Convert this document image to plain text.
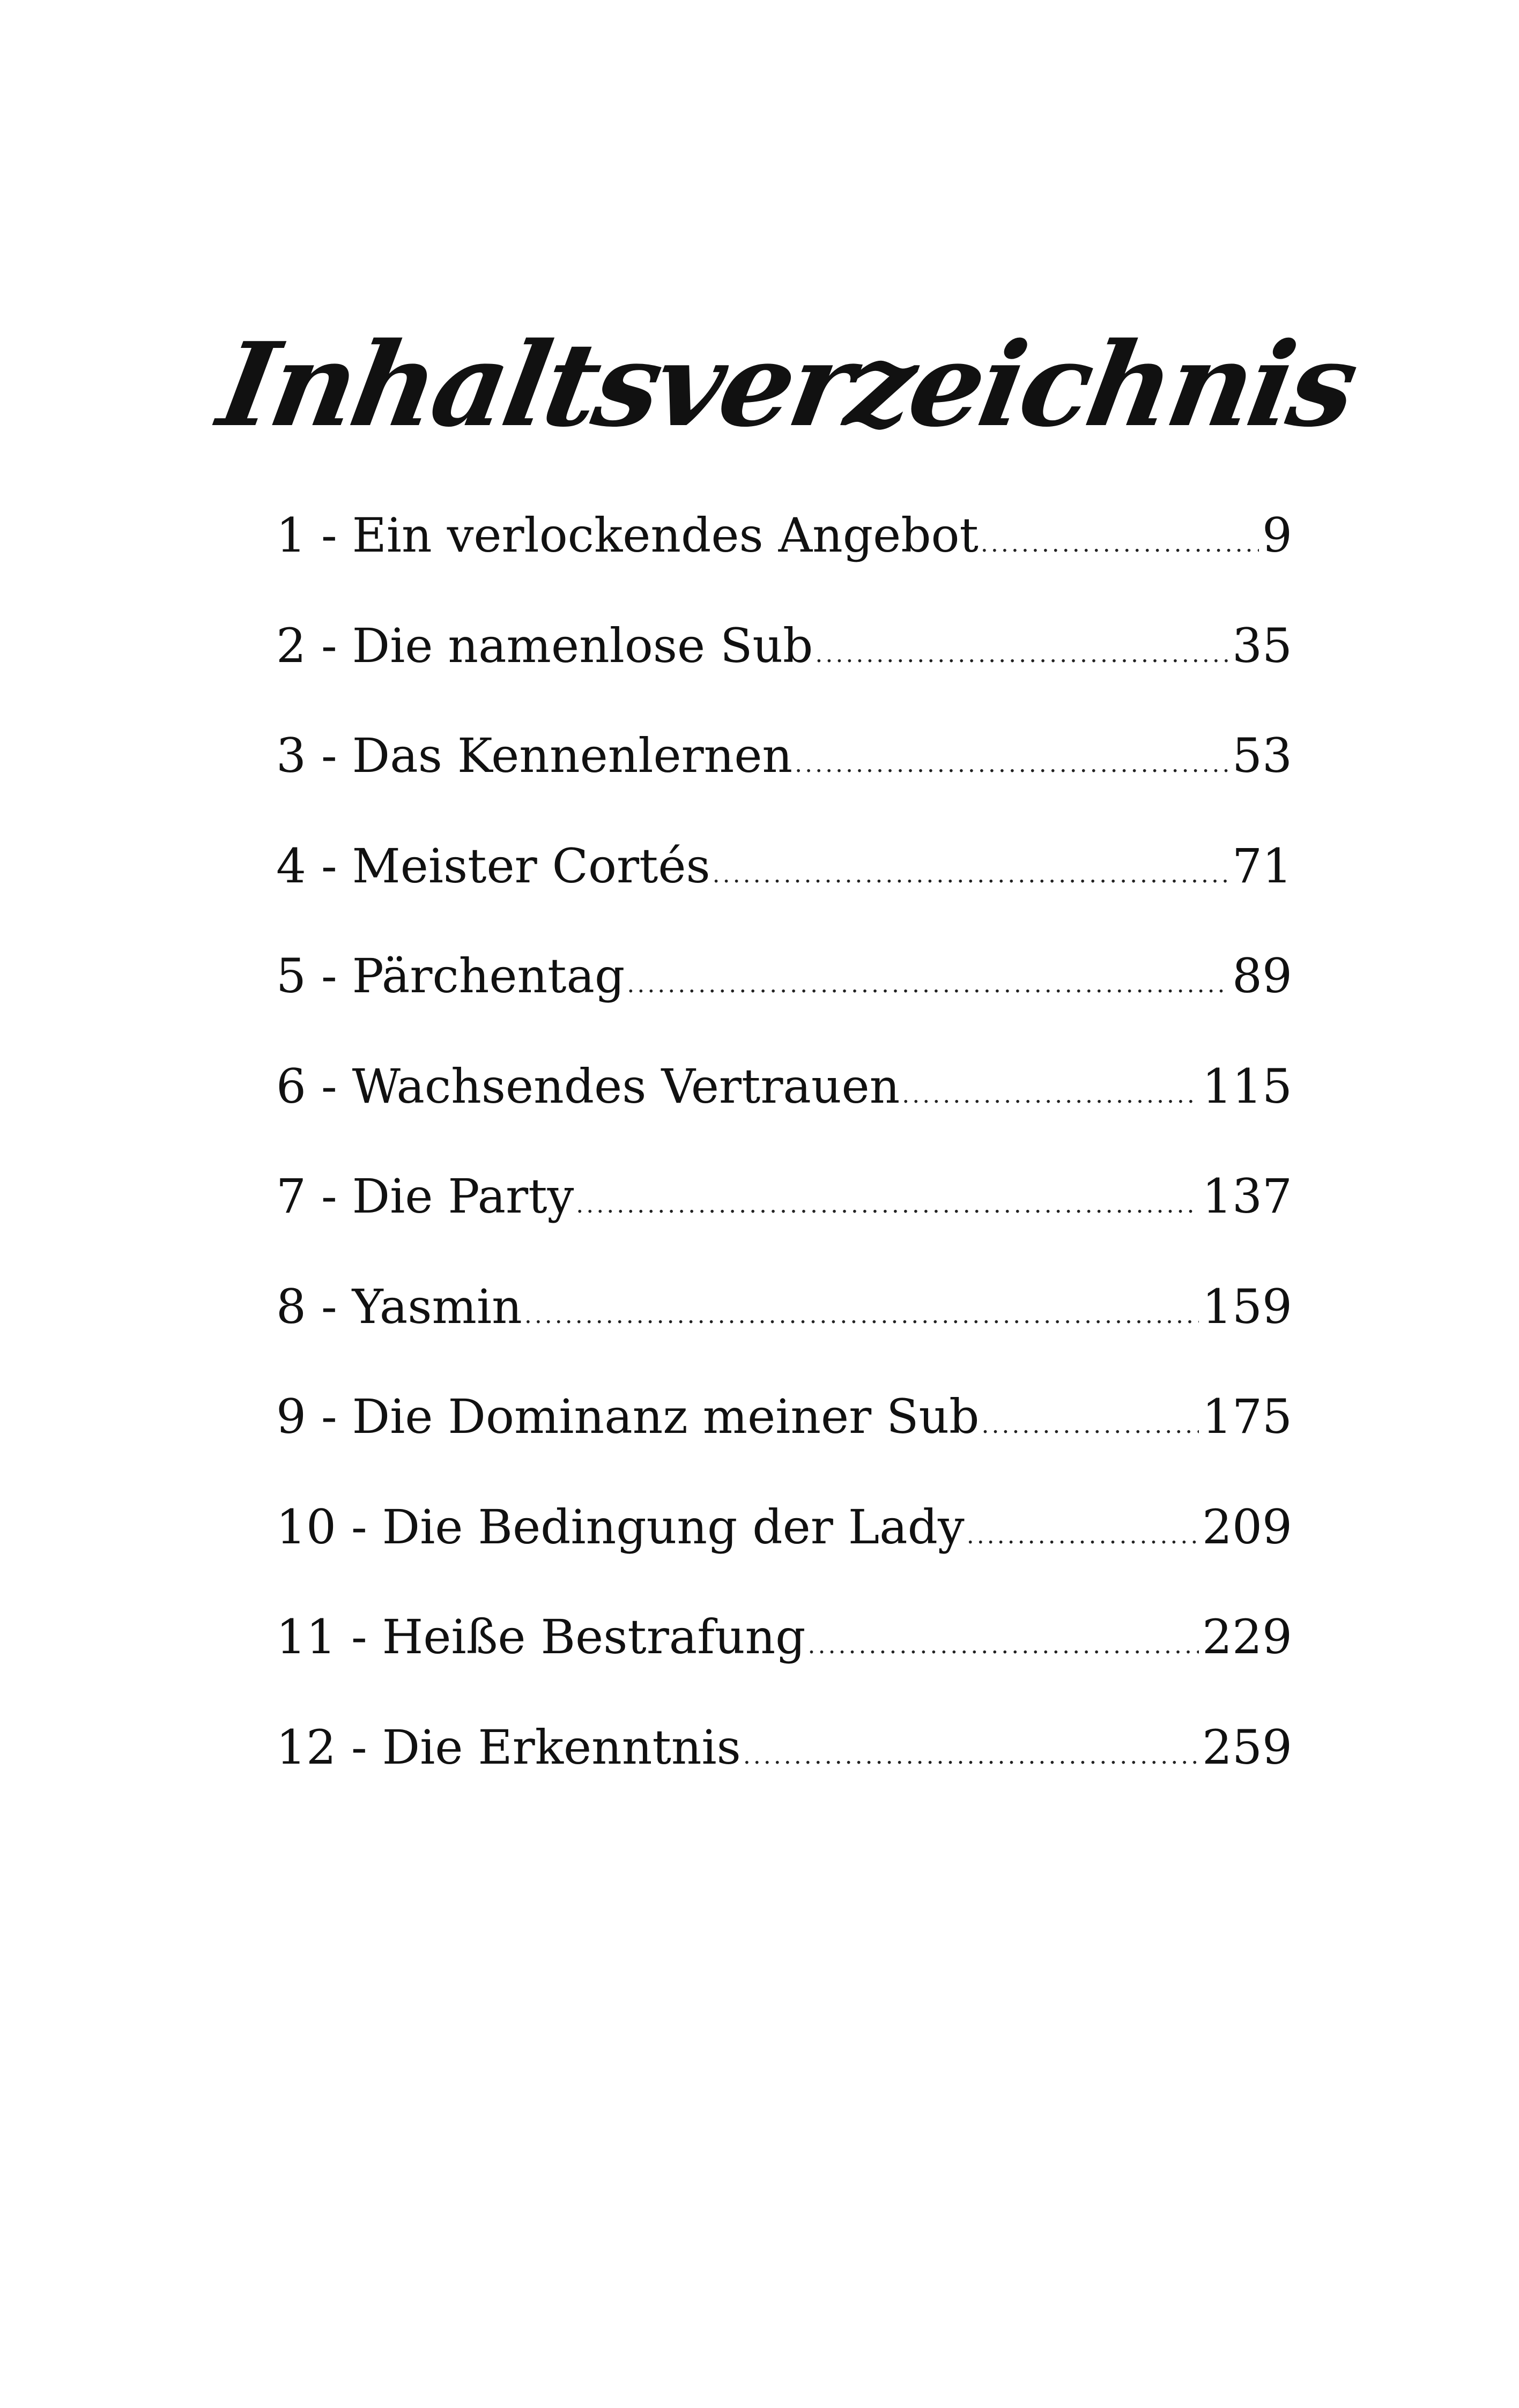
Inhaltsverzeichnis
1 - Ein verlockendes Angebot .....	9
2 - Die namenlose Sub .....	35
3 - Das Kennenlernen .....	53
4 - Meister Cortés .....	71
5 - Pärchentag .....	89
6 - Wachsendes Vertrauen .....	115
7 - Die Party .....	137
8 - Yasmin .....	159
9 - Die Dominanz meiner Sub .....	175
10 - Die Bedingung der Lady .....	209
11 - Heiße Bestrafung .....	229
12 - Die Erkenntnis .....	259
